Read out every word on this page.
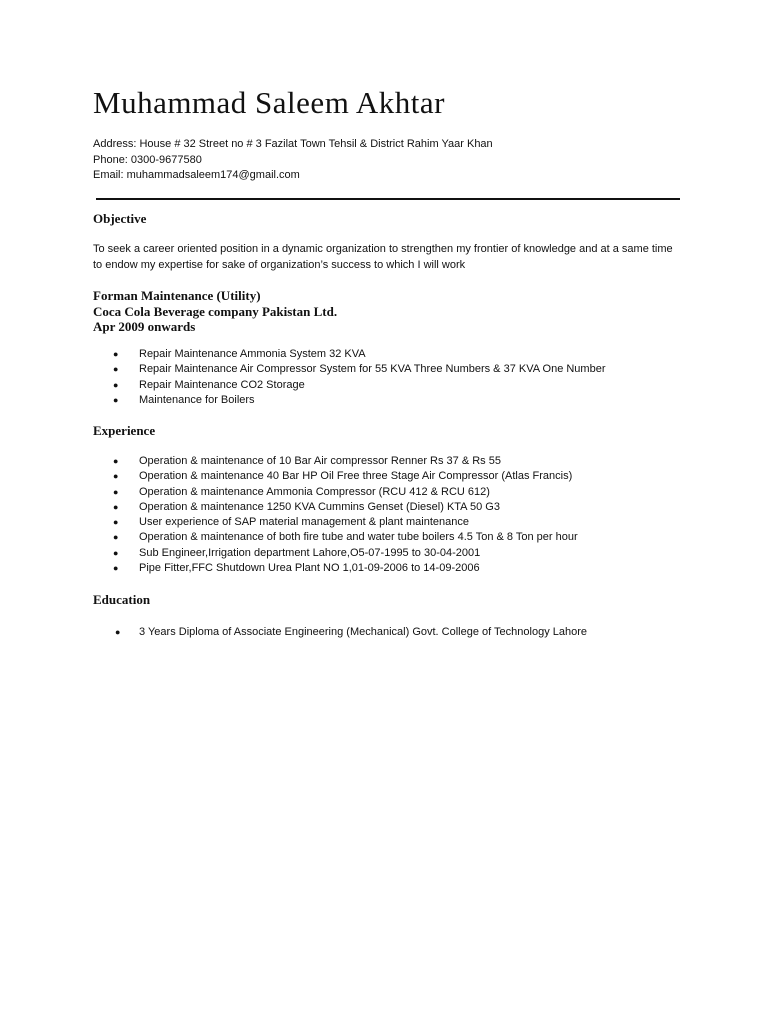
Muhammad Saleem Akhtar
Address: House # 32 Street no # 3 Fazilat Town Tehsil & District Rahim Yaar Khan
Phone: 0300-9677580
Email: muhammadsaleem174@gmail.com
Objective

To seek a career oriented position in a dynamic organization to strengthen my frontier of knowledge and at a same time to endow my expertise for sake of organization’s success to which I will work

Forman Maintenance (Utility)
Coca Cola Beverage company Pakistan Ltd.
Apr 2009 onwards
● Repair Maintenance Ammonia System 32 KVA
● Repair Maintenance Air Compressor System for 55 KVA Three Numbers & 37 KVA One Number
● Repair Maintenance CO2 Storage
● Maintenance for Boilers
Experience
● Operation & maintenance of 10 Bar Air compressor Renner Rs 37 & Rs 55
● Operation & maintenance 40 Bar HP Oil Free three Stage Air Compressor (Atlas Francis)
● Operation & maintenance Ammonia Compressor (RCU 412 & RCU 612)
● Operation & maintenance 1250 KVA Cummins Genset (Diesel) KTA 50 G3
● User experience of SAP material management & plant maintenance
● Operation & maintenance of both fire tube and water tube boilers 4.5 Ton & 8 Ton per hour
● Sub Engineer,Irrigation department Lahore,O5-07-1995 to 30-04-2001
● Pipe Fitter,FFC Shutdown Urea Plant NO 1,01-09-2006 to 14-09-2006
Education
● 3 Years Diploma of Associate Engineering (Mechanical) Govt. College of Technology Lahore
